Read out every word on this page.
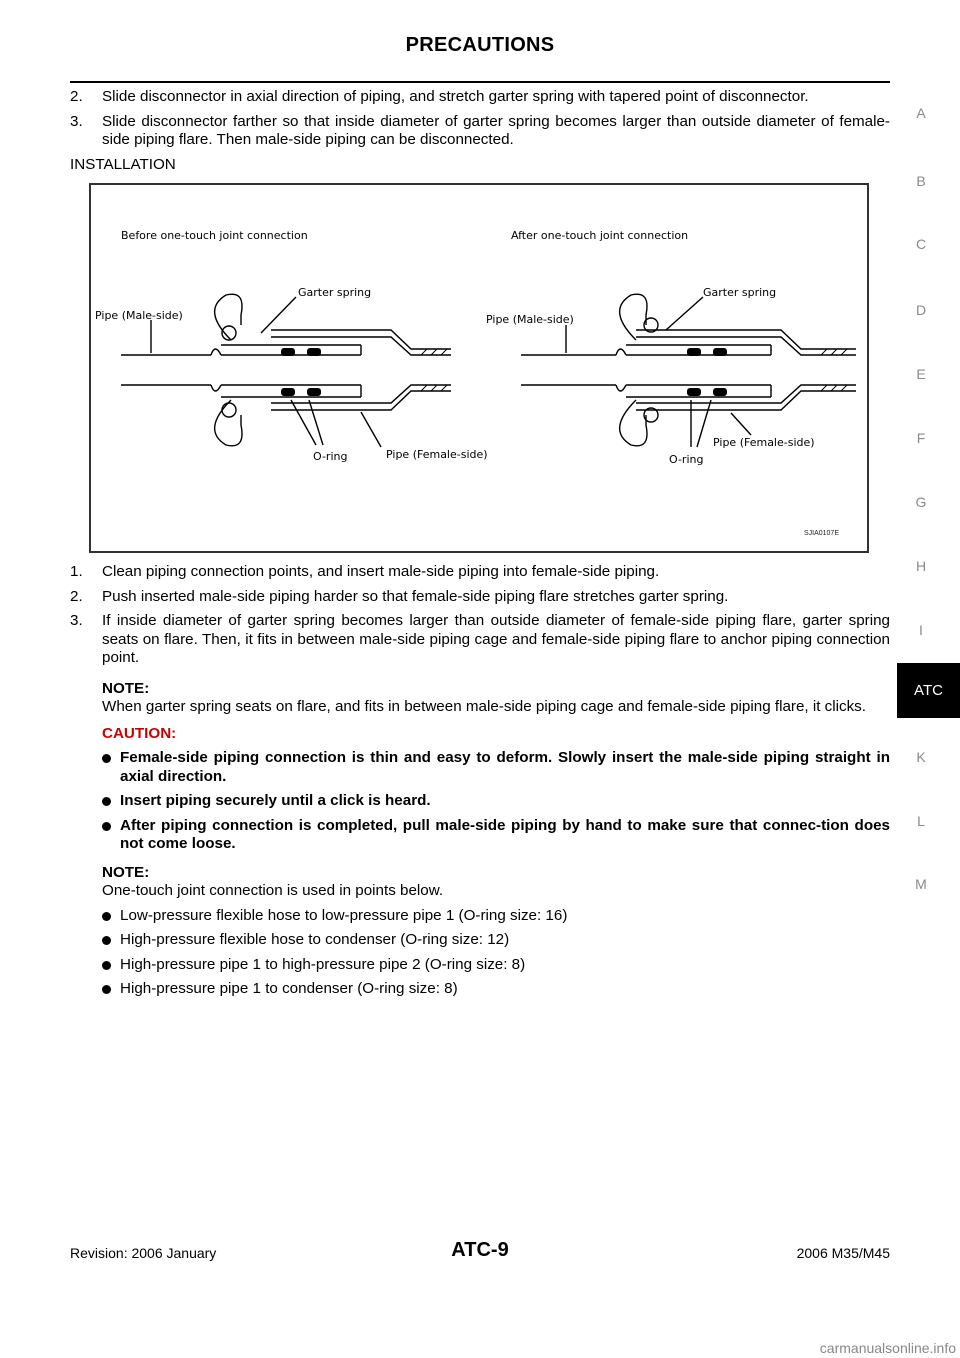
PRECAUTIONS
2. Slide disconnector in axial direction of piping, and stretch garter spring with tapered point of disconnector.
3. Slide disconnector farther so that inside diameter of garter spring becomes larger than outside diameter of female-side piping flare. Then male-side piping can be disconnected.
INSTALLATION
Before one-touch joint connection	After one-touch joint connection
Garter spring	Garter spring
Pipe (Male-side)	Pipe (Male-side)
O-ring	O-ring
Pipe (Female-side)
Pipe (Female-side)
SJIA0107E
1. Clean piping connection points, and insert male-side piping into female-side piping.
2. Push inserted male-side piping harder so that female-side piping flare stretches garter spring.
3. If inside diameter of garter spring becomes larger than outside diameter of female-side piping flare, garter spring seats on flare. Then, it fits in between male-side piping cage and female-side piping flare to anchor piping connection point.
NOTE:
When garter spring seats on flare, and fits in between male-side piping cage and female-side piping flare, it clicks.
CAUTION:
Female-side piping connection is thin and easy to deform. Slowly insert the male-side piping straight in axial direction.
Insert piping securely until a click is heard.
After piping connection is completed, pull male-side piping by hand to make sure that connec-tion does not come loose.
NOTE:
One-touch joint connection is used in points below.
Low-pressure flexible hose to low-pressure pipe 1 (O-ring size: 16)
High-pressure flexible hose to condenser (O-ring size: 12)
High-pressure pipe 1 to high-pressure pipe 2 (O-ring size: 8)
High-pressure pipe 1 to condenser (O-ring size: 8)
A
B
C
D
E
F
G
H
I
K
L
M
ATC
Revision: 2006 January	ATC-9	2006 M35/M45
carmanualsonline.info
